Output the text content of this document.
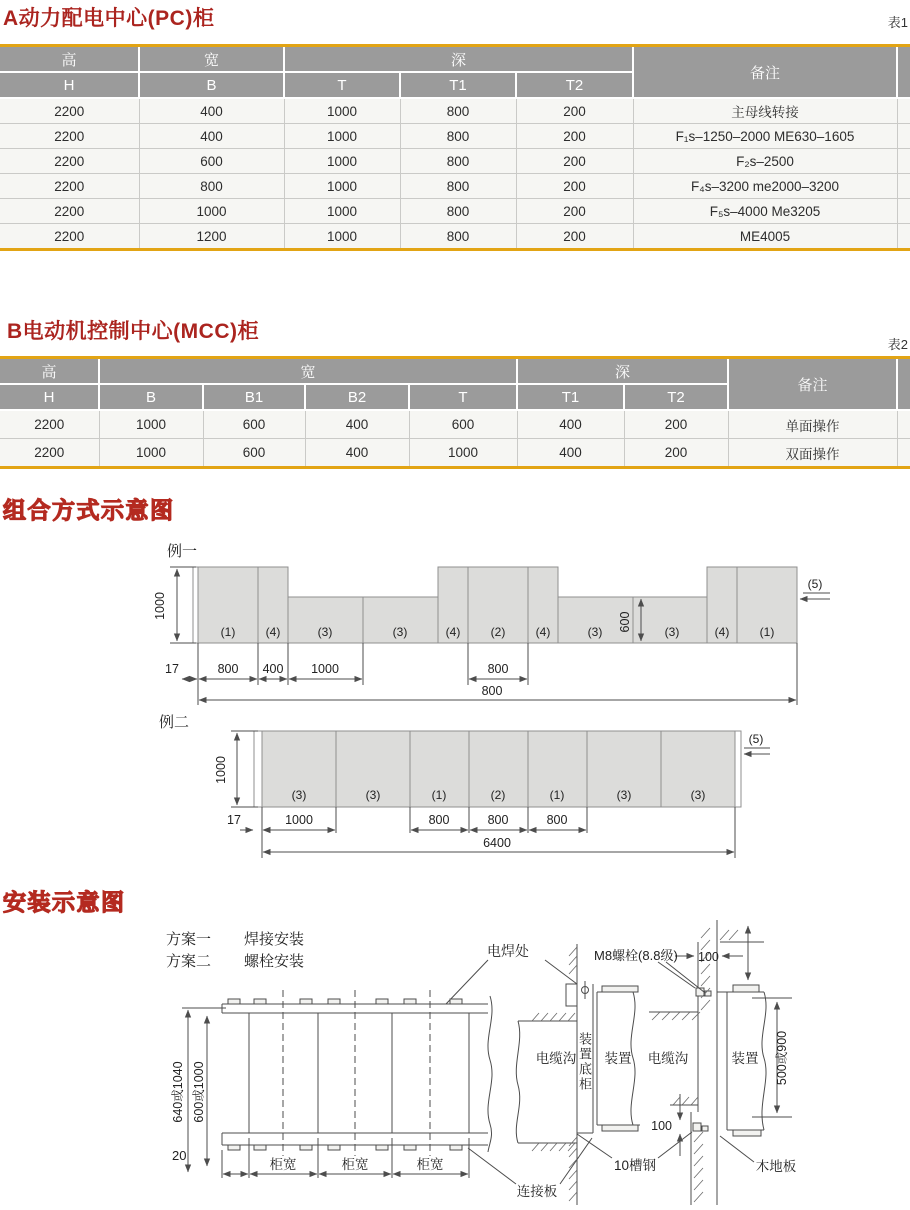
A动力配电中心(PC)柜	表1
高	宽	深			备注	
H	B	T	T1	T2		
2200	400	1000	800	200	主母线转接	
2200	400	1000	800	200	F₁s–1250–2000 ME630–1605	
2200	600	1000	800	200	F₂s–2500	
2200	800	1000	800	200	F₄s–3200 me2000–3200	
2200	1000	1000	800	200	F₅s–4000 Me3205	
2200	1200	1000	800	200	ME4005	
B电动机控制中心(MCC)柜
表2
高	宽				深		备注	
H	B	B1	B2	T	T1	T2		
2200	1000	600	400	600	400	200	单面操作	
2200	1000	600	400	1000	400	200	双面操作	
组合方式示意图
例一
(1)	(4)	(3)	(3)	(4)	(2)	(4)	(3)	(3)	(4)	(1)
1000
600
17	800 400 1000	800
800
(5)
例二
(3)	(3)	(1)	(2)	(1)	(3)	(3)
1000
17	1000	800	800	800
6400
(5)
安装示意图
装置底柜
方案一 焊接安装
方案二 螺栓安装
电焊处	M8螺栓(8.8级) 100
640或1040 600或1000
20
柜宽	柜宽	柜宽
电缆沟 装置 电缆沟	装置 500或900
100
10槽钢
连接板
木地板
